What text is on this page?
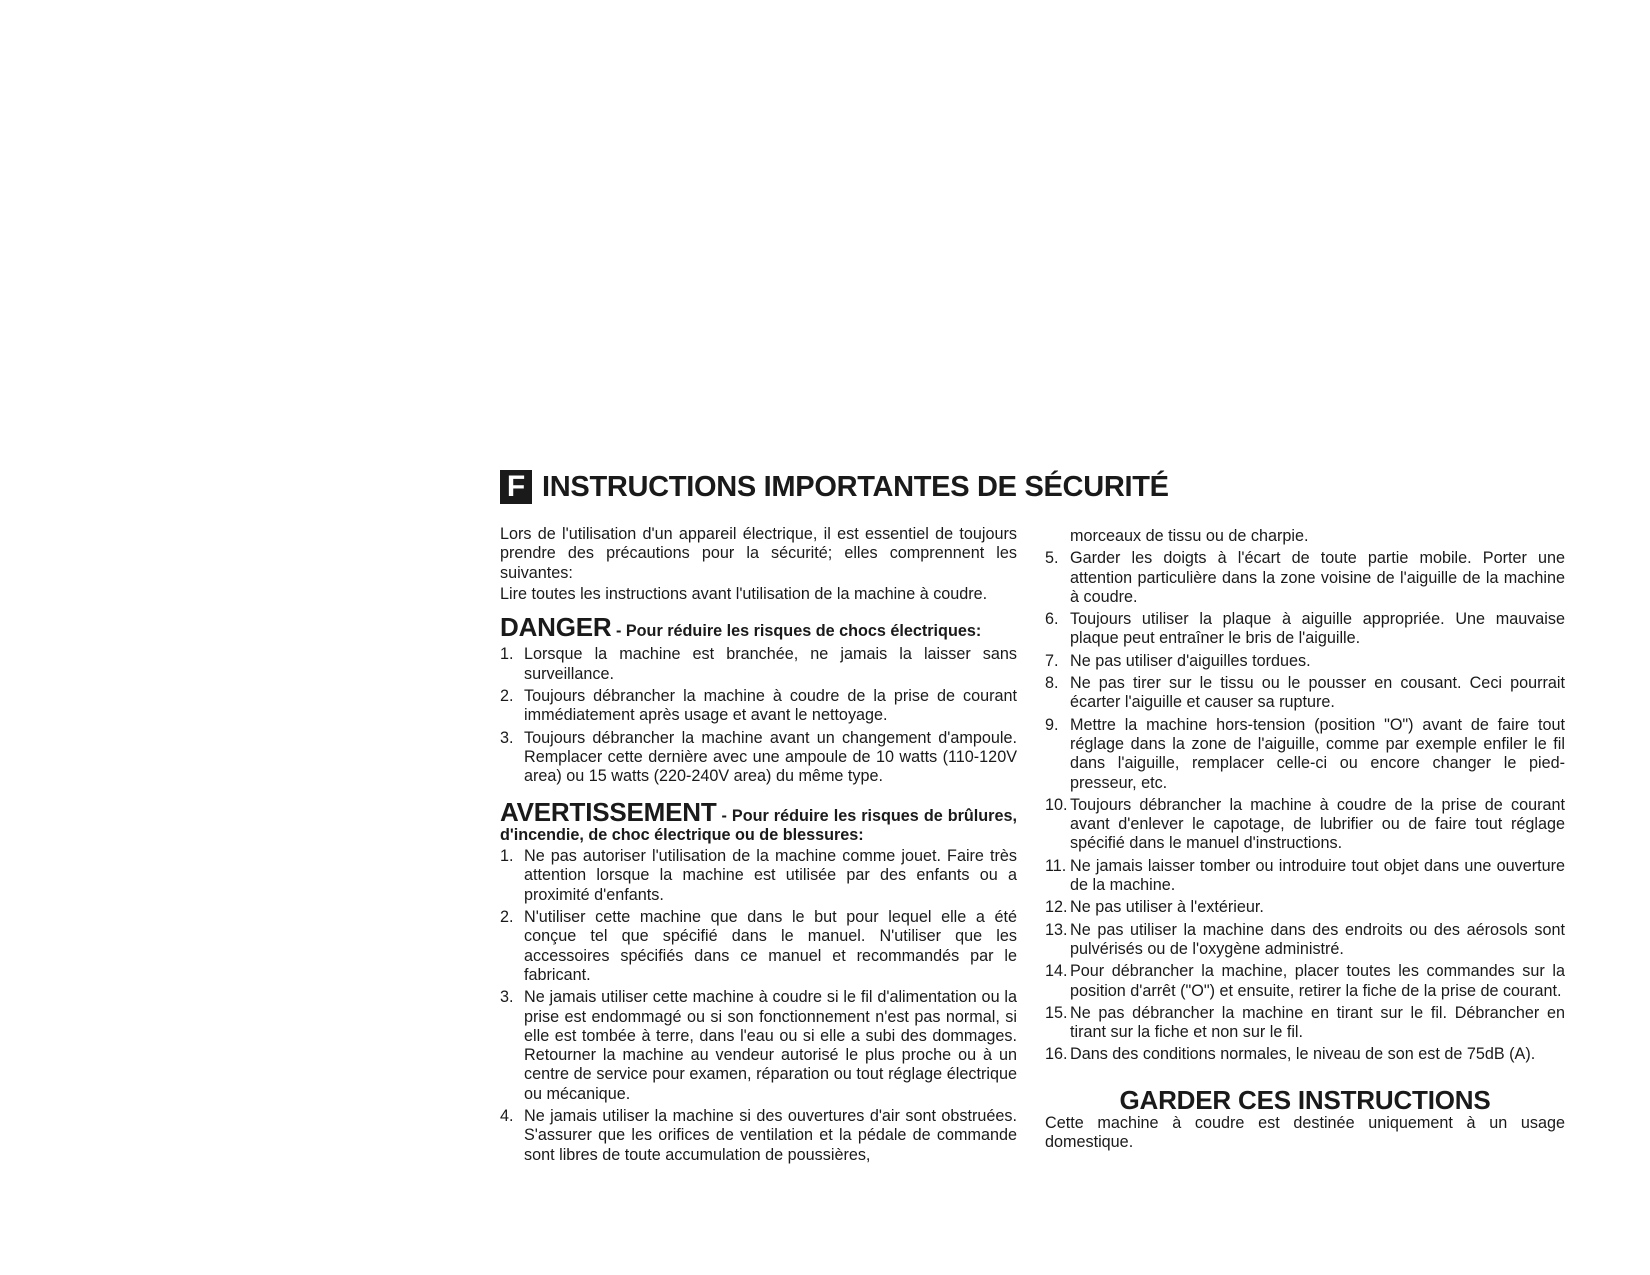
F INSTRUCTIONS IMPORTANTES DE SÉCURITÉ

Lors de l'utilisation d'un appareil électrique, il est essentiel de toujours prendre des précautions pour la sécurité; elles comprennent les suivantes:

Lire toutes les instructions avant l'utilisation de la machine à coudre.

DANGER - Pour réduire les risques de chocs électriques:

1. Lorsque la machine est branchée, ne jamais la laisser sans surveillance.
2. Toujours débrancher la machine à coudre de la prise de courant immédiatement après usage et avant le nettoyage.
3. Toujours débrancher la machine avant un changement d'ampoule. Remplacer cette dernière avec une ampoule de 10 watts (110-120V area) ou 15 watts (220-240V area) du même type.

AVERTISSEMENT - Pour réduire les risques de brûlures, d'incendie, de choc électrique ou de blessures:

1. Ne pas autoriser l'utilisation de la machine comme jouet. Faire très attention lorsque la machine est utilisée par des enfants ou a proximité d'enfants.
2. N'utiliser cette machine que dans le but pour lequel elle a été conçue tel que spécifié dans le manuel. N'utiliser que les accessoires spécifiés dans ce manuel et recommandés par le fabricant.
3. Ne jamais utiliser cette machine à coudre si le fil d'alimentation ou la prise est endommagé ou si son fonctionnement n'est pas normal, si elle est tombée à terre, dans l'eau ou si elle a subi des dommages. Retourner la machine au vendeur autorisé le plus proche ou à un centre de service pour examen, réparation ou tout réglage électrique ou mécanique.
4. Ne jamais utiliser la machine si des ouvertures d'air sont obstruées. S'assurer que les orifices de ventilation et la pédale de commande sont libres de toute accumulation de poussières,

morceaux de tissu ou de charpie.

5. Garder les doigts à l'écart de toute partie mobile. Porter une attention particulière dans la zone voisine de l'aiguille de la machine à coudre.
6. Toujours utiliser la plaque à aiguille appropriée. Une mauvaise plaque peut entraîner le bris de l'aiguille.
7. Ne pas utiliser d'aiguilles tordues.
8. Ne pas tirer sur le tissu ou le pousser en cousant. Ceci pourrait écarter l'aiguille et causer sa rupture.
9. Mettre la machine hors-tension (position "O") avant de faire tout réglage dans la zone de l'aiguille, comme par exemple enfiler le fil dans l'aiguille, remplacer celle-ci ou encore changer le pied-presseur, etc.
10. Toujours débrancher la machine à coudre de la prise de courant avant d'enlever le capotage, de lubrifier ou de faire tout réglage spécifié dans le manuel d'instructions.
11. Ne jamais laisser tomber ou introduire tout objet dans une ouverture de la machine.
12. Ne pas utiliser à l'extérieur.
13. Ne pas utiliser la machine dans des endroits ou des aérosols sont pulvérisés ou de l'oxygène administré.
14. Pour débrancher la machine, placer toutes les commandes sur la position d'arrêt ("O") et ensuite, retirer la fiche de la prise de courant.
15. Ne pas débrancher la machine en tirant sur le fil. Débrancher en tirant sur la fiche et non sur le fil.
16. Dans des conditions normales, le niveau de son est de 75dB (A).
GARDER CES INSTRUCTIONS

Cette machine à coudre est destinée uniquement à un usage domestique.
